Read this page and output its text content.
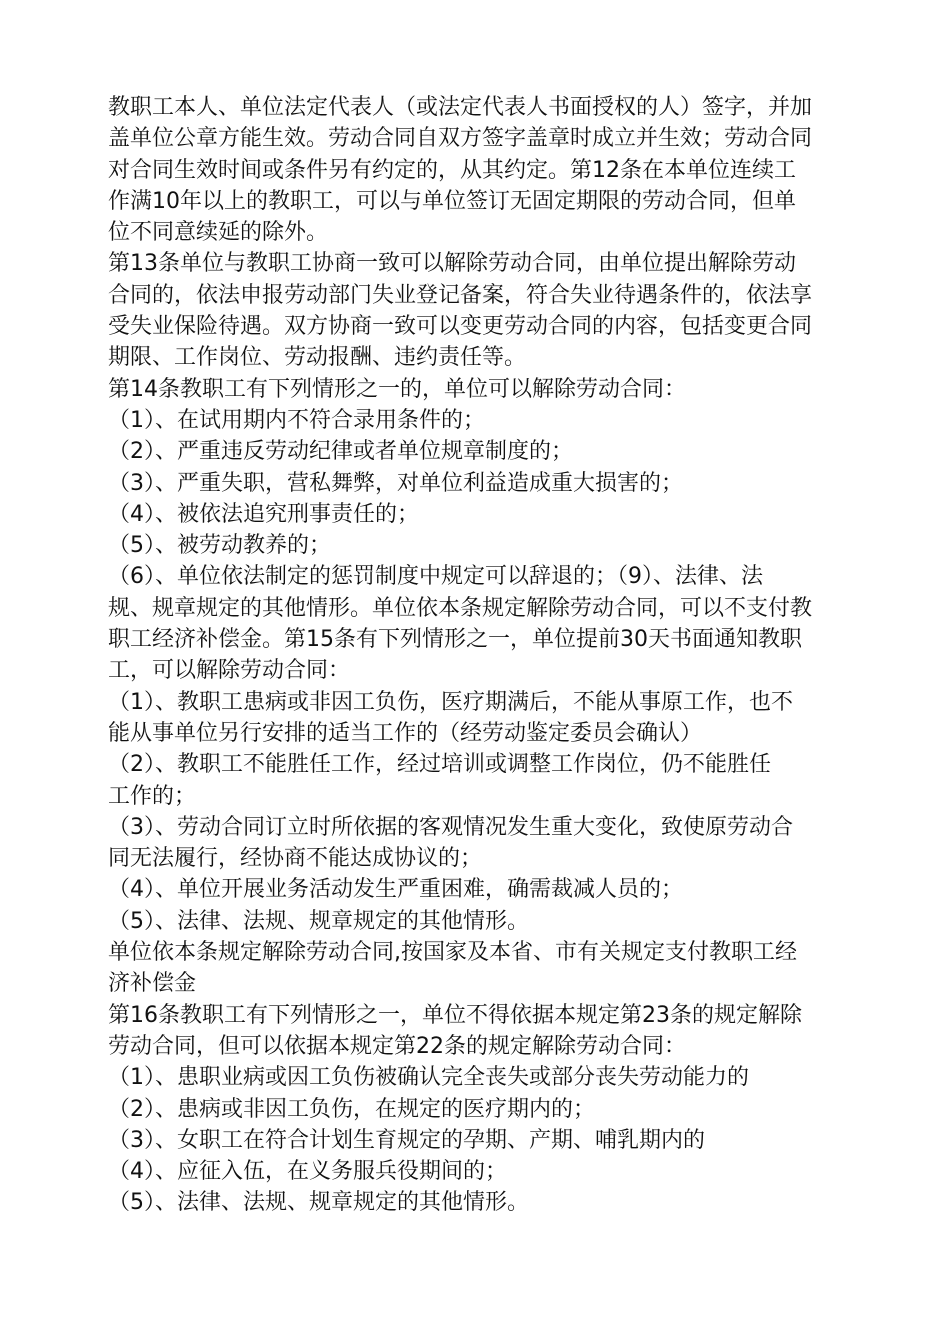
教职工本人、单位法定代表人（或法定代表人书面授权的人）签字，并加
盖单位公章方能生效。劳动合同自双方签字盖章时成立并生效；劳动合同
对合同生效时间或条件另有约定的，从其约定。第12条在本单位连续工
作满10年以上的教职工，可以与单位签订无固定期限的劳动合同，但单
位不同意续延的除外。
第13条单位与教职工协商一致可以解除劳动合同，由单位提出解除劳动
合同的，依法申报劳动部门失业登记备案，符合失业待遇条件的，依法享
受失业保险待遇。双方协商一致可以变更劳动合同的内容，包括变更合同
期限、工作岗位、劳动报酬、违约责任等。
第14条教职工有下列情形之一的，单位可以解除劳动合同：
（1）、在试用期内不符合录用条件的；
（2）、严重违反劳动纪律或者单位规章制度的；
（3）、严重失职，营私舞弊，对单位利益造成重大损害的；
（4）、被依法追究刑事责任的；
（5）、被劳动教养的；
（6）、单位依法制定的惩罚制度中规定可以辞退的；（9）、法律、法
规、规章规定的其他情形。单位依本条规定解除劳动合同，可以不支付教
职工经济补偿金。第15条有下列情形之一，单位提前30天书面通知教职
工，可以解除劳动合同：
（1）、教职工患病或非因工负伤，医疗期满后，不能从事原工作，也不
能从事单位另行安排的适当工作的（经劳动鉴定委员会确认）
（2）、教职工不能胜任工作，经过培训或调整工作岗位，仍不能胜任
工作的；
（3）、劳动合同订立时所依据的客观情况发生重大变化，致使原劳动合
同无法履行，经协商不能达成协议的；
（4）、单位开展业务活动发生严重困难，确需裁减人员的；
（5）、法律、法规、规章规定的其他情形。
单位依本条规定解除劳动合同,按国家及本省、市有关规定支付教职工经
济补偿金
第16条教职工有下列情形之一，单位不得依据本规定第23条的规定解除
劳动合同，但可以依据本规定第22条的规定解除劳动合同：
（1）、患职业病或因工负伤被确认完全丧失或部分丧失劳动能力的
（2）、患病或非因工负伤，在规定的医疗期内的；
（3）、女职工在符合计划生育规定的孕期、产期、哺乳期内的
（4）、应征入伍，在义务服兵役期间的；
（5）、法律、法规、规章规定的其他情形。
